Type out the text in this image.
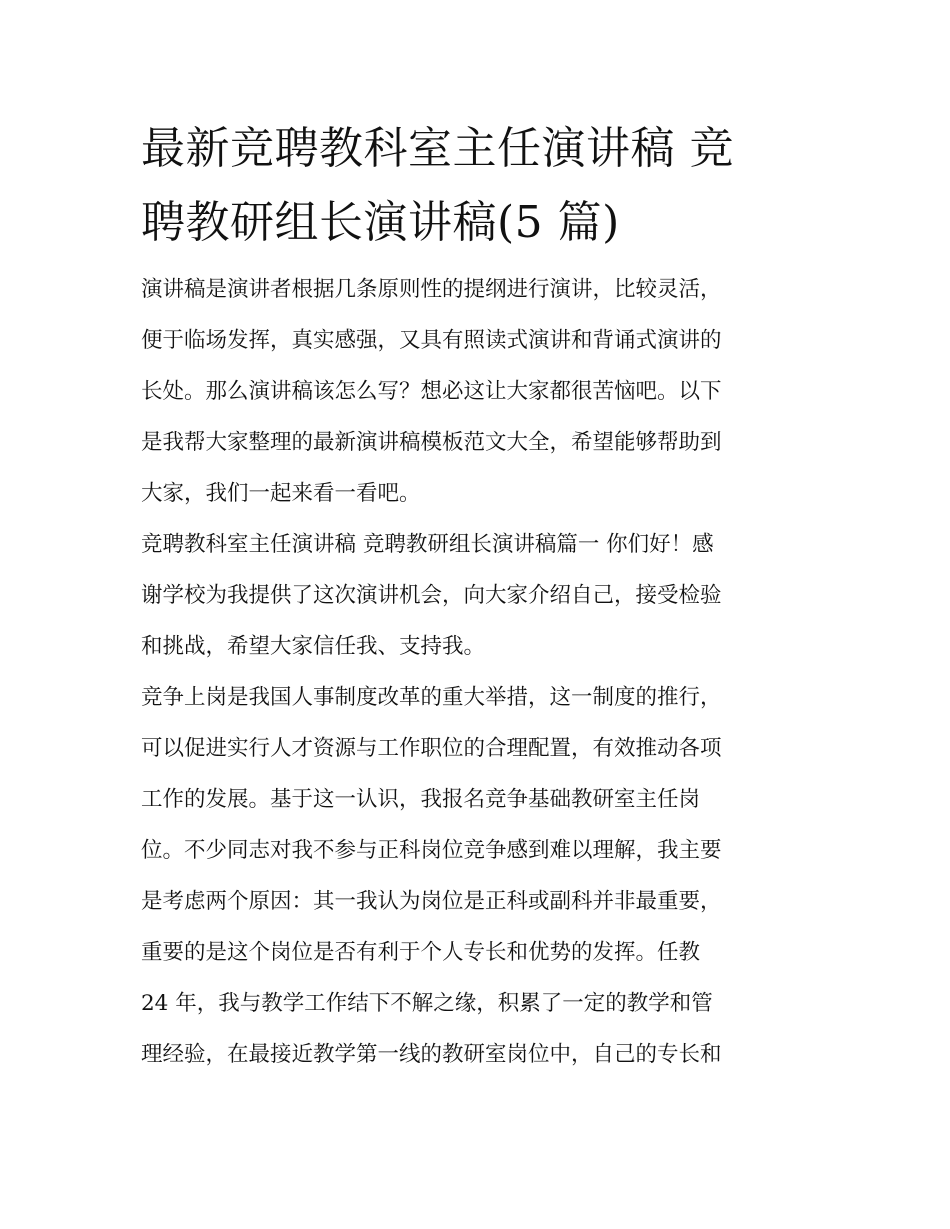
最新竞聘教科室主任演讲稿 竞
聘教研组长演讲稿(5 篇)

演讲稿是演讲者根据几条原则性的提纲进行演讲，比较灵活，
便于临场发挥，真实感强，又具有照读式演讲和背诵式演讲的
长处。那么演讲稿该怎么写？想必这让大家都很苦恼吧。以下
是我帮大家整理的最新演讲稿模板范文大全，希望能够帮助到
大家，我们一起来看一看吧。

竞聘教科室主任演讲稿 竞聘教研组长演讲稿篇一 你们好！感
谢学校为我提供了这次演讲机会，向大家介绍自己，接受检验
和挑战，希望大家信任我、支持我。

竞争上岗是我国人事制度改革的重大举措，这一制度的推行，
可以促进实行人才资源与工作职位的合理配置，有效推动各项
工作的发展。基于这一认识，我报名竞争基础教研室主任岗
位。不少同志对我不参与正科岗位竞争感到难以理解，我主要
是考虑两个原因：其一我认为岗位是正科或副科并非最重要，
重要的是这个岗位是否有利于个人专长和优势的发挥。任教
24 年，我与教学工作结下不解之缘，积累了一定的教学和管
理经验，在最接近教学第一线的教研室岗位中，自己的专长和
